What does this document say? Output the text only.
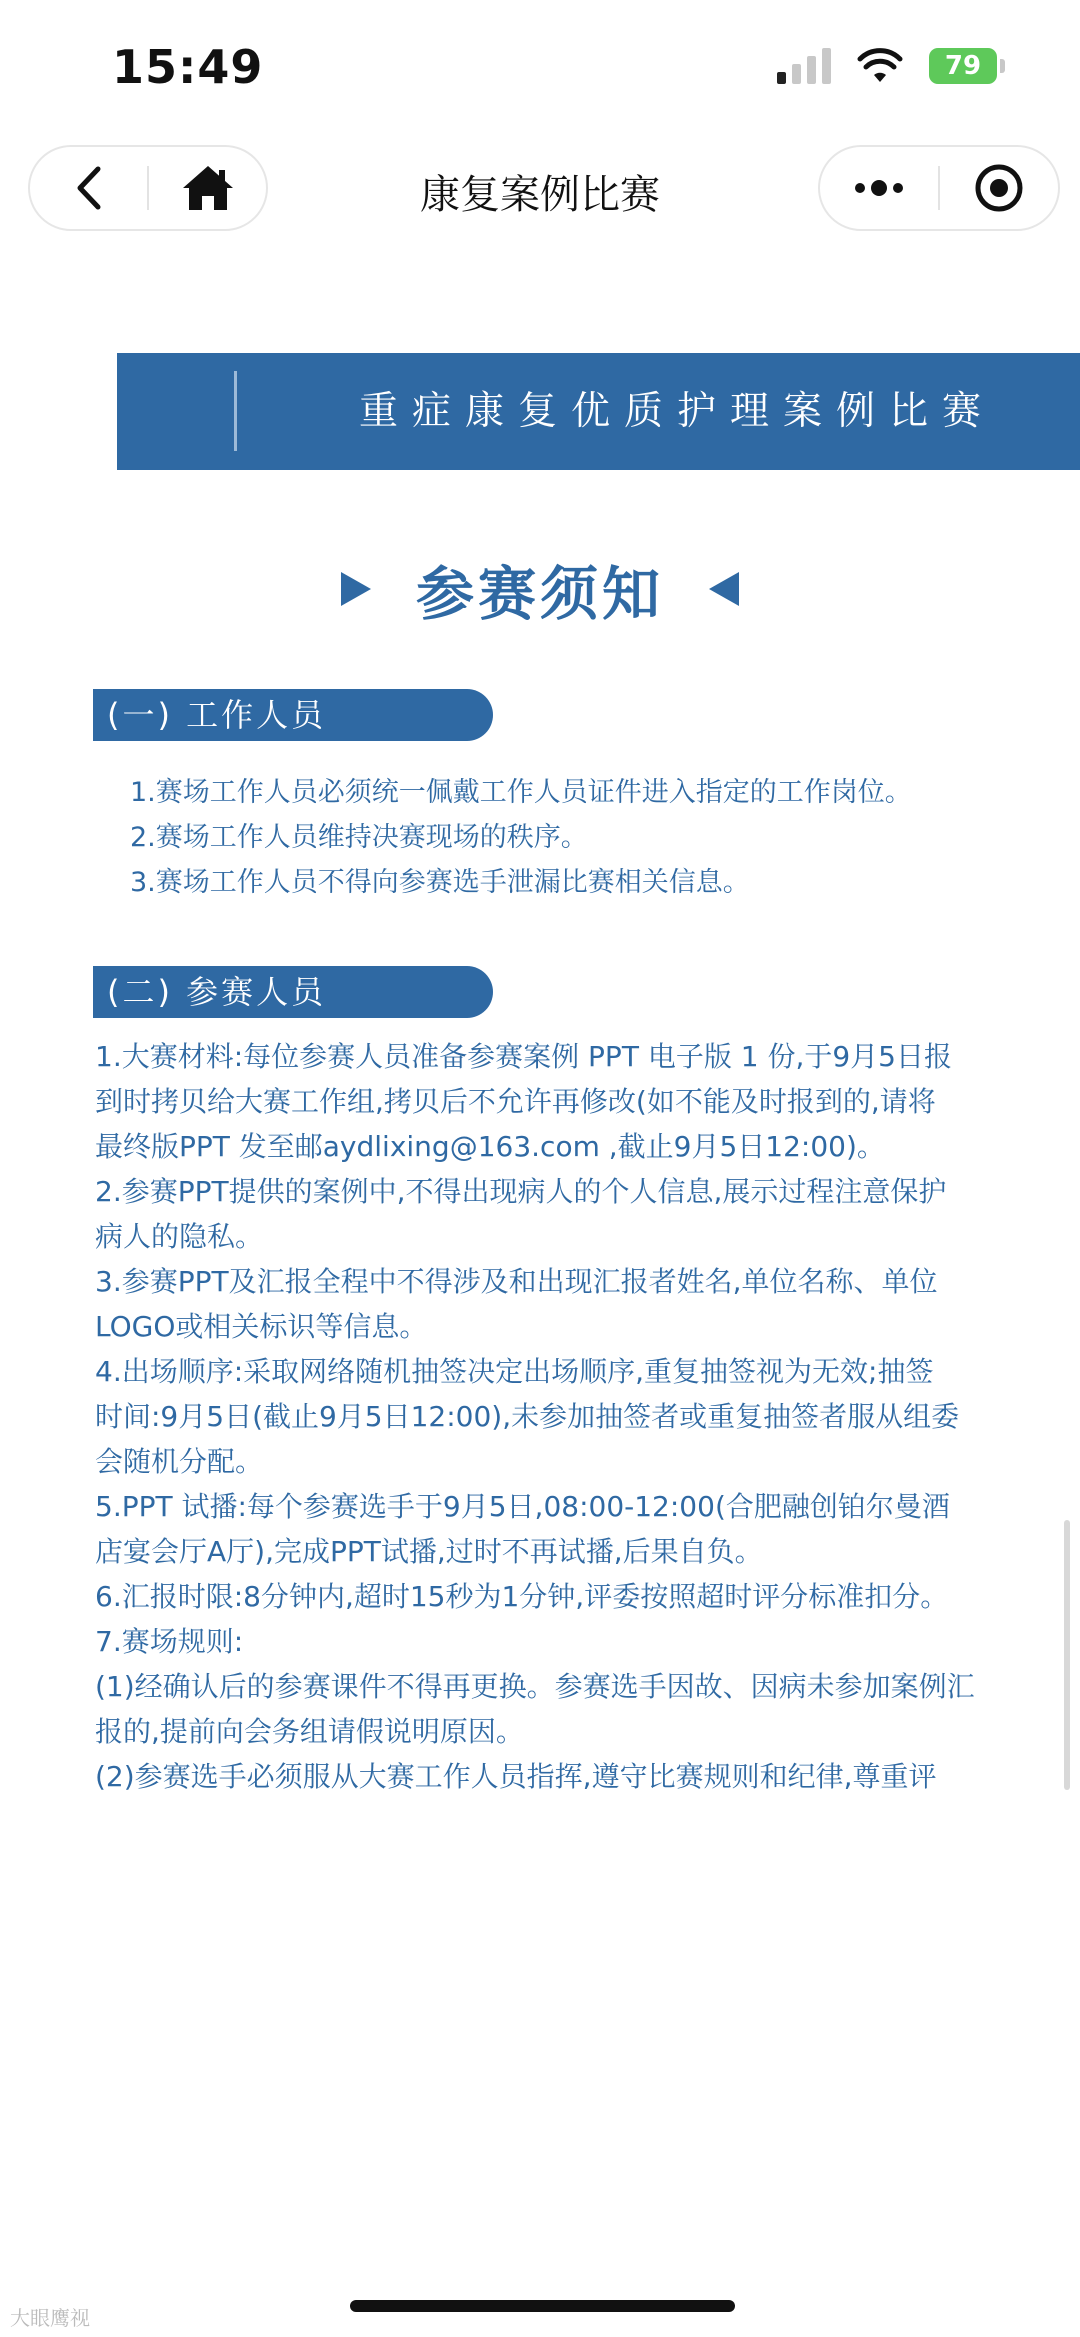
15:49	79
康复案例比赛
重症康复优质护理案例比赛
参赛须知
(一) 工作人员
1.赛场工作人员必须统一佩戴工作人员证件进入指定的工作岗位。
(二) 参赛人员
1.大赛材料:每位参赛人员准备参赛案例 PPT 电子版 1 份,于9月5日报
到时拷贝给大赛工作组,拷贝后不允许再修改(如不能及时报到的,请将
最终版PPT 发至邮aydlixing@163.com ,截止9月5日12:00)。
2.参赛PPT提供的案例中,不得出现病人的个人信息,展示过程注意保护
病人的隐私。
3.参赛PPT及汇报全程中不得涉及和出现汇报者姓名,单位名称、单位
LOGO或相关标识等信息。
4.出场顺序:采取网络随机抽签决定出场顺序,重复抽签视为无效;抽签
时间:9月5日(截止9月5日12:00),未参加抽签者或重复抽签者服从组委
会随机分配。
5.PPT 试播:每个参赛选手于9月5日,08:00-12:00(合肥融创铂尔曼酒
店宴会厅A厅),完成PPT试播,过时不再试播,后果自负。
6.汇报时限:8分钟内,超时15秒为1分钟,评委按照超时评分标准扣分。
7.赛场规则:
(1)经确认后的参赛课件不得再更换。参赛选手因故、因病未参加案例汇
报的,提前向会务组请假说明原因。
(2)参赛选手必须服从大赛工作人员指挥,遵守比赛规则和纪律,尊重评
2.赛场工作人员维持决赛现场的秩序。
3.赛场工作人员不得向参赛选手泄漏比赛相关信息。
大眼鹰视
